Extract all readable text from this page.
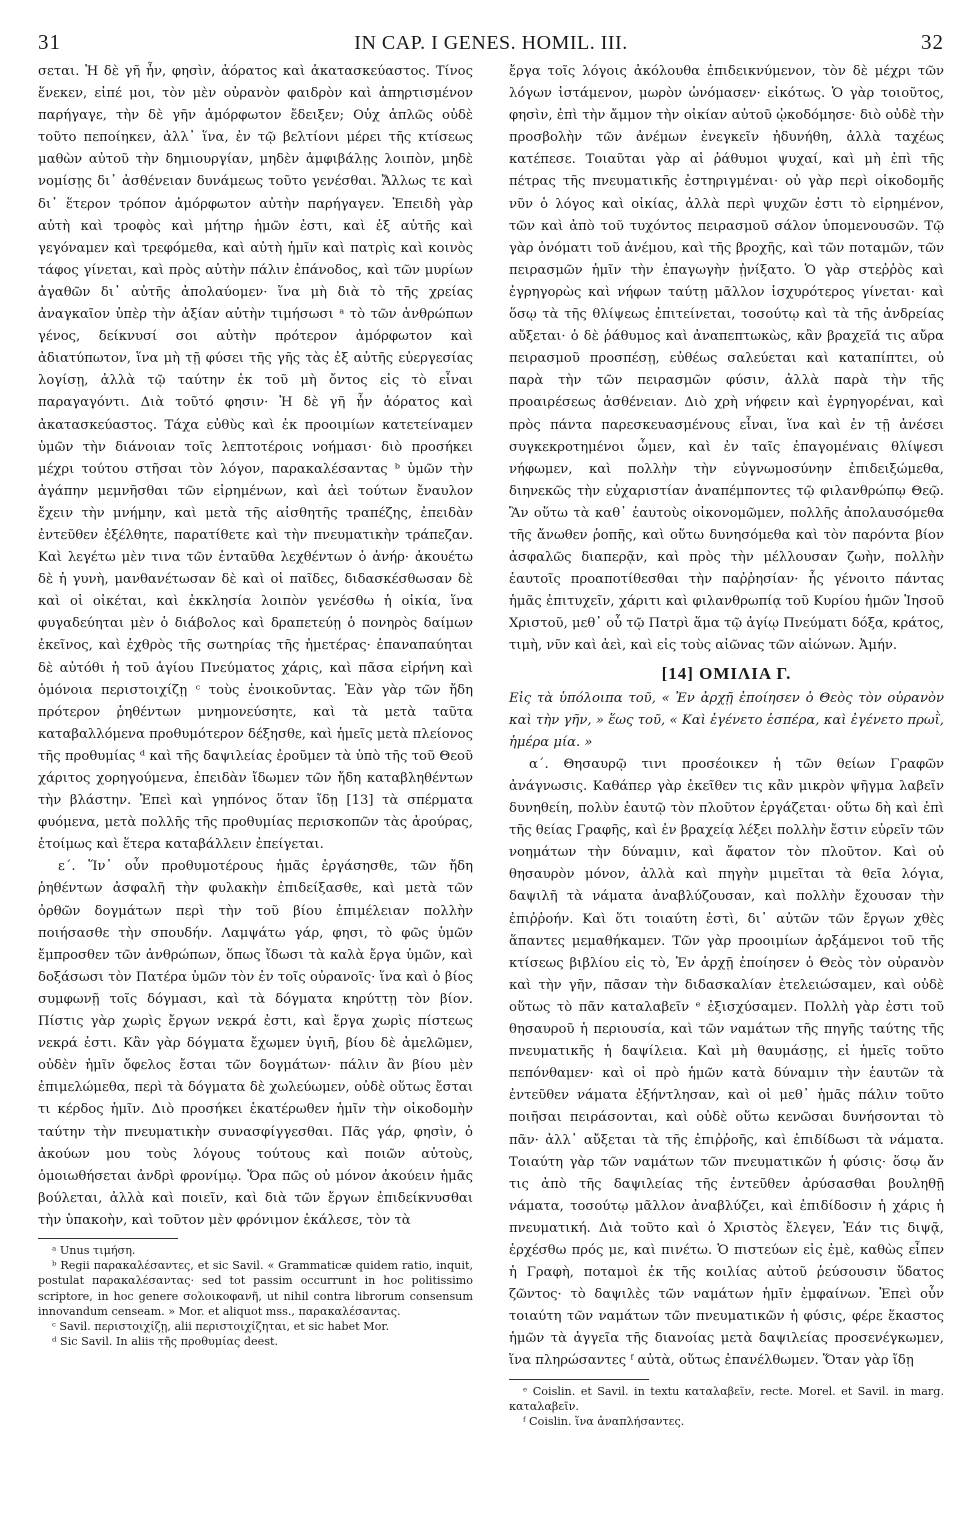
31	IN CAP. I GENES. HOMIL. III.	32

σεται. Ἡ δὲ γῆ ἦν, φησὶν, ἀόρατος καὶ ἀκατασκεύαστος. Τίνος ἕνεκεν, εἰπέ μοι, τὸν μὲν οὐρανὸν φαιδρὸν καὶ ἀπηρτισμένον παρήγαγε, τὴν δὲ γῆν ἀμόρφωτον ἔδειξεν; Οὐχ ἁπλῶς οὐδὲ τοῦτο πεποίηκεν, ἀλλ᾽ ἵνα, ἐν τῷ βελτίονι μέρει τῆς κτίσεως μαθὼν αὐτοῦ τὴν δημιουργίαν, μηδὲν ἀμφιβάλῃς λοιπὸν, μηδὲ νομίσῃς δι᾽ ἀσθένειαν δυνάμεως τοῦτο γενέσθαι. Ἄλλως τε καὶ δι᾽ ἕτερον τρόπον ἀμόρφωτον αὐτὴν παρήγαγεν. Ἐπειδὴ γὰρ αὐτὴ καὶ τροφὸς καὶ μήτηρ ἡμῶν ἐστι, καὶ ἐξ αὐτῆς καὶ γεγόναμεν καὶ τρεφόμεθα, καὶ αὐτὴ ἡμῖν καὶ πατρὶς καὶ κοινὸς τάφος γίνεται, καὶ πρὸς αὐτὴν πάλιν ἐπάνοδος, καὶ τῶν μυρίων ἀγαθῶν δι᾽ αὐτῆς ἀπολαύομεν· ἵνα μὴ διὰ τὸ τῆς χρείας ἀναγκαῖον ὑπὲρ τὴν ἀξίαν αὐτὴν τιμήσωσι ᵃ τὸ τῶν ἀνθρώπων γένος, δείκνυσί σοι αὐτὴν πρότερον ἀμόρφωτον καὶ ἀδιατύπωτον, ἵνα μὴ τῇ φύσει τῆς γῆς τὰς ἐξ αὐτῆς εὐεργεσίας λογίσῃ, ἀλλὰ τῷ ταύτην ἐκ τοῦ μὴ ὄντος εἰς τὸ εἶναι παραγαγόντι. Διὰ τοῦτό φησιν· Ἡ δὲ γῆ ἦν ἀόρατος καὶ ἀκατασκεύαστος. Τάχα εὐθὺς καὶ ἐκ προοιμίων κατετείναμεν ὑμῶν τὴν διάνοιαν τοῖς λεπτοτέροις νοήμασι· διὸ προσήκει μέχρι τούτου στῆσαι τὸν λόγον, παρακαλέσαντας ᵇ ὑμῶν τὴν ἀγάπην μεμνῆσθαι τῶν εἰρημένων, καὶ ἀεὶ τούτων ἔναυλον ἔχειν τὴν μνήμην, καὶ μετὰ τῆς αἰσθητῆς τραπέζης, ἐπειδὰν ἐντεῦθεν ἐξέλθητε, παρατίθετε καὶ τὴν πνευματικὴν τράπεζαν. Καὶ λεγέτω μὲν τινα τῶν ἐνταῦθα λεχθέντων ὁ ἀνήρ· ἀκουέτω δὲ ἡ γυνὴ, μανθανέτωσαν δὲ καὶ οἱ παῖδες, διδασκέσθωσαν δὲ καὶ οἱ οἰκέται, καὶ ἐκκλησία λοιπὸν γενέσθω ἡ οἰκία, ἵνα φυγαδεύηται μὲν ὁ διάβολος καὶ δραπετεύῃ ὁ πονηρὸς δαίμων ἐκεῖνος, καὶ ἐχθρὸς τῆς σωτηρίας τῆς ἡμετέρας· ἐπαναπαύηται δὲ αὐτόθι ἡ τοῦ ἁγίου Πνεύματος χάρις, καὶ πᾶσα εἰρήνη καὶ ὁμόνοια περιστοιχίζῃ ᶜ τοὺς ἐνοικοῦντας. Ἐὰν γὰρ τῶν ἤδη πρότερον ῥηθέντων μνημονεύσητε, καὶ τὰ μετὰ ταῦτα καταβαλλόμενα προθυμότερον δέξησθε, καὶ ἡμεῖς μετὰ πλείονος τῆς προθυμίας ᵈ καὶ τῆς δαψιλείας ἐροῦμεν τὰ ὑπὸ τῆς τοῦ Θεοῦ χάριτος χορηγούμενα, ἐπειδὰν ἴδωμεν τῶν ἤδη καταβληθέντων τὴν βλάστην. Ἐπεὶ καὶ γηπόνος ὅταν ἴδῃ [13] τὰ σπέρματα φυόμενα, μετὰ πολλῆς τῆς προθυμίας περισκοπῶν τὰς ἀρούρας, ἑτοίμως καὶ ἕτερα καταβάλλειν ἐπείγεται.

ε΄. Ἵν᾽ οὖν προθυμοτέρους ἡμᾶς ἐργάσησθε, τῶν ἤδη ῥηθέντων ἀσφαλῆ τὴν φυλακὴν ἐπιδείξασθε, καὶ μετὰ τῶν ὀρθῶν δογμάτων περὶ τὴν τοῦ βίου ἐπιμέλειαν πολλὴν ποιήσασθε τὴν σπουδήν. Λαμψάτω γάρ, φησι, τὸ φῶς ὑμῶν ἔμπροσθεν τῶν ἀνθρώπων, ὅπως ἴδωσι τὰ καλὰ ἔργα ὑμῶν, καὶ δοξάσωσι τὸν Πατέρα ὑμῶν τὸν ἐν τοῖς οὐρανοῖς· ἵνα καὶ ὁ βίος συμφωνῇ τοῖς δόγμασι, καὶ τὰ δόγματα κηρύττῃ τὸν βίον. Πίστις γὰρ χωρὶς ἔργων νεκρά ἐστι, καὶ ἔργα χωρὶς πίστεως νεκρά ἐστι. Κἂν γὰρ δόγματα ἔχωμεν ὑγιῆ, βίου δὲ ἀμελῶμεν, οὐδὲν ἡμῖν ὄφελος ἔσται τῶν δογμάτων· πάλιν ἂν βίου μὲν ἐπιμελώμεθα, περὶ τὰ δόγματα δὲ χωλεύωμεν, οὐδὲ οὕτως ἔσται τι κέρδος ἡμῖν. Διὸ προσήκει ἑκατέρωθεν ἡμῖν τὴν οἰκοδομὴν ταύτην τὴν πνευματικὴν συνασφίγγεσθαι. Πᾶς γάρ, φησὶν, ὁ ἀκούων μου τοὺς λόγους τούτους καὶ ποιῶν αὐτοὺς, ὁμοιωθήσεται ἀνδρὶ φρονίμῳ. Ὅρα πῶς οὐ μόνον ἀκούειν ἡμᾶς βούλεται, ἀλλὰ καὶ ποιεῖν, καὶ διὰ τῶν ἔργων ἐπιδείκνυσθαι τὴν ὑπακοὴν, καὶ τοῦτον μὲν φρόνιμον ἐκάλεσε, τὸν τὰ

ᵃ Unus τιμήση.

ᵇ Regii παρακαλέσαντες, et sic Savil. « Grammaticæ quidem ratio, inquit, postulat παρακαλέσαντας· sed tot passim occurrunt in hoc politissimo scriptore, in hoc genere σολοικοφανῆ, ut nihil contra librorum consensum innovandum censeam. » Mor. et aliquot mss., παρακαλέσαντας.

ᶜ Savil. περιστοιχίζῃ, alii περιστοιχίζηται, et sic habet Mor.

ᵈ Sic Savil. In aliis τῆς προθυμίας deest.

ἔργα τοῖς λόγοις ἀκόλουθα ἐπιδεικνύμενον, τὸν δὲ μέχρι τῶν λόγων ἱστάμενον, μωρὸν ὠνόμασεν· εἰκότως. Ὁ γὰρ τοιοῦτος, φησὶν, ἐπὶ τὴν ἄμμον τὴν οἰκίαν αὐτοῦ ᾠκοδόμησε· διὸ οὐδὲ τὴν προσβολὴν τῶν ἀνέμων ἐνεγκεῖν ἠδυνήθη, ἀλλὰ ταχέως κατέπεσε. Τοιαῦται γὰρ αἱ ῥάθυμοι ψυχαί, καὶ μὴ ἐπὶ τῆς πέτρας τῆς πνευματικῆς ἐστηριγμέναι· οὐ γὰρ περὶ οἰκοδομῆς νῦν ὁ λόγος καὶ οἰκίας, ἀλλὰ περὶ ψυχῶν ἐστι τὸ εἰρημένον, τῶν καὶ ἀπὸ τοῦ τυχόντος πειρασμοῦ σάλον ὑπομενουσῶν. Τῷ γὰρ ὀνόματι τοῦ ἀνέμου, καὶ τῆς βροχῆς, καὶ τῶν ποταμῶν, τῶν πειρασμῶν ἡμῖν τὴν ἐπαγωγὴν ᾐνίξατο. Ὁ γὰρ στεῤῥὸς καὶ ἐγρηγορὼς καὶ νήφων ταύτῃ μᾶλλον ἰσχυρότερος γίνεται· καὶ ὅσῳ τὰ τῆς θλίψεως ἐπιτείνεται, τοσούτῳ καὶ τὰ τῆς ἀνδρείας αὔξεται· ὁ δὲ ῥάθυμος καὶ ἀναπεπτωκὼς, κἂν βραχεῖά τις αὔρα πειρασμοῦ προσπέσῃ, εὐθέως σαλεύεται καὶ καταπίπτει, οὐ παρὰ τὴν τῶν πειρασμῶν φύσιν, ἀλλὰ παρὰ τὴν τῆς προαιρέσεως ἀσθένειαν. Διὸ χρὴ νήφειν καὶ ἐγρηγορέναι, καὶ πρὸς πάντα παρεσκευασμένους εἶναι, ἵνα καὶ ἐν τῇ ἀνέσει συγκεκροτημένοι ὦμεν, καὶ ἐν ταῖς ἐπαγομέναις θλίψεσι νήφωμεν, καὶ πολλὴν τὴν εὐγνωμοσύνην ἐπιδειξώμεθα, διηνεκῶς τὴν εὐχαριστίαν ἀναπέμποντες τῷ φιλανθρώπῳ Θεῷ. Ἂν οὕτω τὰ καθ᾽ ἑαυτοὺς οἰκονομῶμεν, πολλῆς ἀπολαυσόμεθα τῆς ἄνωθεν ῥοπῆς, καὶ οὕτω δυνησόμεθα καὶ τὸν παρόντα βίον ἀσφαλῶς διαπερᾷν, καὶ πρὸς τὴν μέλλουσαν ζωὴν, πολλὴν ἑαυτοῖς προαποτίθεσθαι τὴν παῤῥησίαν· ἧς γένοιτο πάντας ἡμᾶς ἐπιτυχεῖν, χάριτι καὶ φιλανθρωπίᾳ τοῦ Κυρίου ἡμῶν Ἰησοῦ Χριστοῦ, μεθ᾽ οὗ τῷ Πατρὶ ἅμα τῷ ἁγίῳ Πνεύματι δόξα, κράτος, τιμὴ, νῦν καὶ ἀεὶ, καὶ εἰς τοὺς αἰῶνας τῶν αἰώνων. Ἀμήν.

[14] ΟΜΙΛΙΑ Γ.

Εἰς τὰ ὑπόλοιπα τοῦ, « Ἐν ἀρχῇ ἐποίησεν ὁ Θεὸς τὸν οὐρανὸν καὶ τὴν γῆν, » ἕως τοῦ, « Καὶ ἐγένετο ἑσπέρα, καὶ ἐγένετο πρωῒ, ἡμέρα μία. »

α΄. Θησαυρῷ τινι προσέοικεν ἡ τῶν θείων Γραφῶν ἀνάγνωσις. Καθάπερ γὰρ ἐκεῖθεν τις κἂν μικρὸν ψῆγμα λαβεῖν δυνηθείη, πολὺν ἑαυτῷ τὸν πλοῦτον ἐργάζεται· οὕτω δὴ καὶ ἐπὶ τῆς θείας Γραφῆς, καὶ ἐν βραχείᾳ λέξει πολλὴν ἔστιν εὑρεῖν τῶν νοημάτων τὴν δύναμιν, καὶ ἄφατον τὸν πλοῦτον. Καὶ οὐ θησαυρὸν μόνον, ἀλλὰ καὶ πηγὴν μιμεῖται τὰ θεῖα λόγια, δαψιλῆ τὰ νάματα ἀναβλύζουσαν, καὶ πολλὴν ἔχουσαν τὴν ἐπιῤῥοήν. Καὶ ὅτι τοιαύτη ἐστὶ, δι᾽ αὐτῶν τῶν ἔργων χθὲς ἅπαντες μεμαθήκαμεν. Τῶν γὰρ προοιμίων ἀρξάμενοι τοῦ τῆς κτίσεως βιβλίου εἰς τὸ, Ἐν ἀρχῇ ἐποίησεν ὁ Θεὸς τὸν οὐρανὸν καὶ τὴν γῆν, πᾶσαν τὴν διδασκαλίαν ἐτελειώσαμεν, καὶ οὐδὲ οὕτως τὸ πᾶν καταλαβεῖν ᵉ ἐξισχύσαμεν. Πολλὴ γὰρ ἐστι τοῦ θησαυροῦ ἡ περιουσία, καὶ τῶν ναμάτων τῆς πηγῆς ταύτης τῆς πνευματικῆς ἡ δαψίλεια. Καὶ μὴ θαυμάσῃς, εἰ ἡμεῖς τοῦτο πεπόνθαμεν· καὶ οἱ πρὸ ἡμῶν κατὰ δύναμιν τὴν ἑαυτῶν τὰ ἐντεῦθεν νάματα ἐξήντλησαν, καὶ οἱ μεθ᾽ ἡμᾶς πάλιν τοῦτο ποιῆσαι πειράσονται, καὶ οὐδὲ οὕτω κενῶσαι δυνήσονται τὸ πᾶν· ἀλλ᾽ αὔξεται τὰ τῆς ἐπιῤῥοῆς, καὶ ἐπιδίδωσι τὰ νάματα. Τοιαύτη γὰρ τῶν ναμάτων τῶν πνευματικῶν ἡ φύσις· ὅσῳ ἄν τις ἀπὸ τῆς δαψιλείας τῆς ἐντεῦθεν ἀρύσασθαι βουληθῇ νάματα, τοσούτῳ μᾶλλον ἀναβλύζει, καὶ ἐπιδίδοσιν ἡ χάρις ἡ πνευματική. Διὰ τοῦτο καὶ ὁ Χριστὸς ἔλεγεν, Ἐάν τις διψᾷ, ἐρχέσθω πρός με, καὶ πινέτω. Ὁ πιστεύων εἰς ἐμὲ, καθὼς εἶπεν ἡ Γραφὴ, ποταμοὶ ἐκ τῆς κοιλίας αὐτοῦ ῥεύσουσιν ὕδατος ζῶντος· τὸ δαψιλὲς τῶν ναμάτων ἡμῖν ἐμφαίνων. Ἐπεὶ οὖν τοιαύτη τῶν ναμάτων τῶν πνευματικῶν ἡ φύσις, φέρε ἕκαστος ἡμῶν τὰ ἀγγεῖα τῆς διανοίας μετὰ δαψιλείας προσενέγκωμεν, ἵνα πληρώσαντες ᶠ αὐτὰ, οὕτως ἐπανέλθωμεν. Ὅταν γὰρ ἴδῃ

ᵉ Coislin. et Savil. in textu καταλαβεῖν, recte. Morel. et Savil. in marg. καταλαβεῖν.

ᶠ Coislin. ἵνα ἀναπλήσαντες.
